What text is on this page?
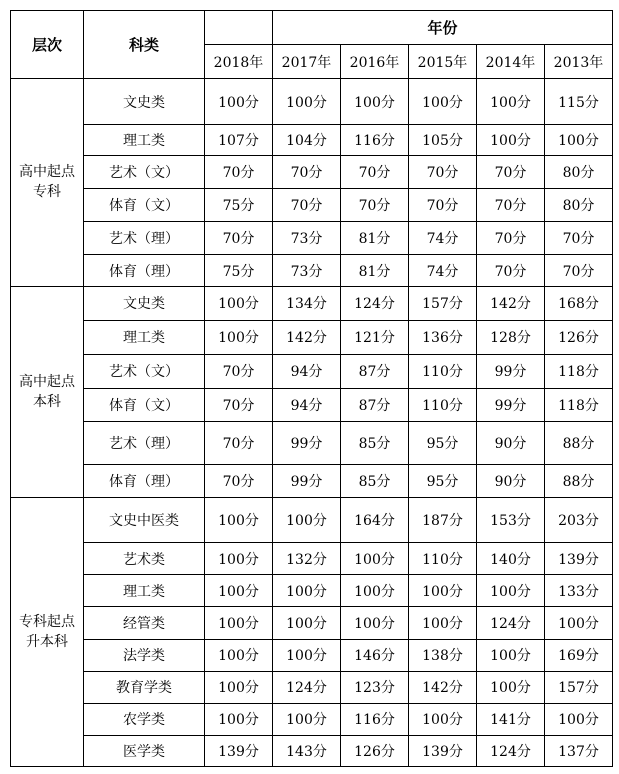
层次	科类		年份				
		2018年	2017年	2016年	2015年	2014年	2013年

高中起点
专科	文史类	100分	100分	100分	100分	100分	115分
	理工类	107分	104分	116分	105分	100分	100分
	艺术（文）	70分	70分	70分	70分	70分	80分
	体育（文）	75分	70分	70分	70分	70分	80分
	艺术（理）	70分	73分	81分	74分	70分	70分
	体育（理）	75分	73分	81分	74分	70分	70分

高中起点
本科	文史类	100分	134分	124分	157分	142分	168分
	理工类	100分	142分	121分	136分	128分	126分
	艺术（文）	70分	94分	87分	110分	99分	118分
	体育（文）	70分	94分	87分	110分	99分	118分
	艺术（理）	70分	99分	85分	95分	90分	88分
	体育（理）	70分	99分	85分	95分	90分	88分

专科起点
升本科	文史中医类	100分	100分	164分	187分	153分	203分
	艺术类	100分	132分	100分	110分	140分	139分
	理工类	100分	100分	100分	100分	100分	133分
	经管类	100分	100分	100分	100分	124分	100分
	法学类	100分	100分	146分	138分	100分	169分
	教育学类	100分	124分	123分	142分	100分	157分
	农学类	100分	100分	116分	100分	141分	100分
	医学类	139分	143分	126分	139分	124分	137分
